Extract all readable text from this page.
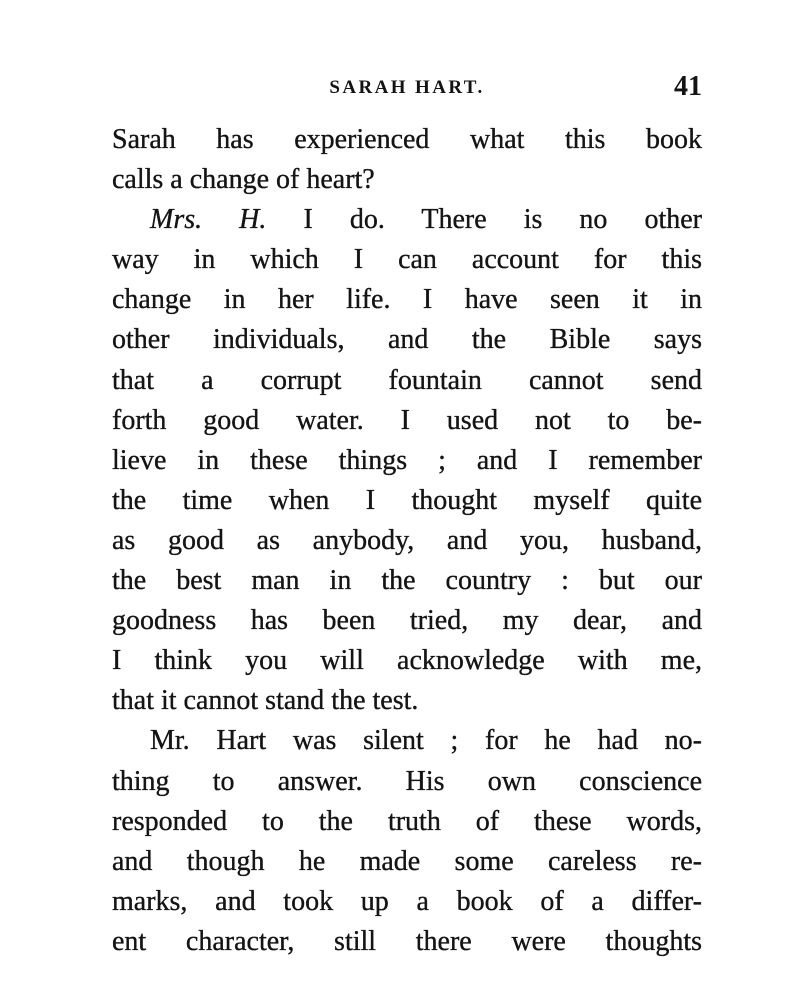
SARAH HART.	41
Sarah has experienced what this book
calls a change of heart?
Mrs. H. I do. There is no other
way in which I can account for this
change in her life. I have seen it in
other individuals, and the Bible says
that a corrupt fountain cannot send
forth good water. I used not to be-
lieve in these things ; and I remember
the time when I thought myself quite
as good as anybody, and you, husband,
the best man in the country : but our
goodness has been tried, my dear, and
I think you will acknowledge with me,
that it cannot stand the test.
Mr. Hart was silent ; for he had no-
thing to answer. His own conscience
responded to the truth of these words,
and though he made some careless re-
marks, and took up a book of a differ-
ent character, still there were thoughts
